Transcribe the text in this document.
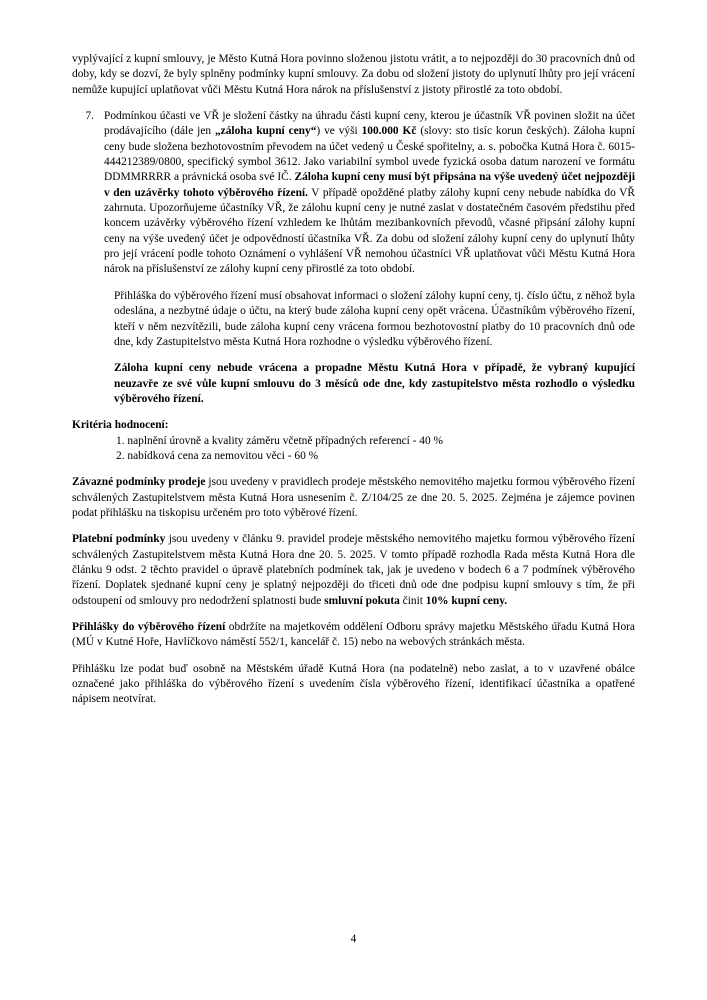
vyplývající z kupní smlouvy, je Město Kutná Hora povinno složenou jistotu vrátit, a to nejpozději do 30 pracovních dnů od doby, kdy se dozví, že byly splněny podmínky kupní smlouvy. Za dobu od složení jistoty do uplynutí lhůty pro její vrácení nemůže kupující uplatňovat vůči Městu Kutná Hora nárok na příslušenství z jistoty přirostlé za toto období.

7. Podmínkou účasti ve VŘ je složení částky na úhradu části kupní ceny, kterou je účastník VŘ povinen složit na účet prodávajícího (dále jen „záloha kupní ceny“) ve výši 100.000 Kč (slovy: sto tisíc korun českých). Záloha kupní ceny bude složena bezhotovostním převodem na účet vedený u České spořitelny, a. s. pobočka Kutná Hora č. 6015-444212389/0800, specifický symbol 3612. Jako variabilní symbol uvede fyzická osoba datum narození ve formátu DDMMRRRR a právnická osoba své IČ. Záloha kupní ceny musí být připsána na výše uvedený účet nejpozději v den uzávěrky tohoto výběrového řízení. V případě opožděné platby zálohy kupní ceny nebude nabídka do VŘ zahrnuta. Upozorňujeme účastníky VŘ, že zálohu kupní ceny je nutné zaslat v dostatečném časovém předstihu před koncem uzávěrky výběrového řízení vzhledem ke lhůtám mezibankovních převodů, včasné připsání zálohy kupní ceny na výše uvedený účet je odpovědností účastníka VŘ. Za dobu od složení zálohy kupní ceny do uplynutí lhůty pro její vrácení podle tohoto Oznámení o vyhlášení VŘ nemohou účastníci VŘ uplatňovat vůči Městu Kutná Hora nárok na příslušenství ze zálohy kupní ceny přirostlé za toto období.

Přihláška do výběrového řízení musí obsahovat informaci o složení zálohy kupní ceny, tj. číslo účtu, z něhož byla odeslána, a nezbytné údaje o účtu, na který bude záloha kupní ceny opět vrácena. Účastníkům výběrového řízení, kteří v něm nezvítězili, bude záloha kupní ceny vrácena formou bezhotovostní platby do 10 pracovních dnů ode dne, kdy Zastupitelstvo města Kutná Hora rozhodne o výsledku výběrového řízení.

Záloha kupní ceny nebude vrácena a propadne Městu Kutná Hora v případě, že vybraný kupující neuzavře ze své vůle kupní smlouvu do 3 měsíců ode dne, kdy zastupitelstvo města rozhodlo o výsledku výběrového řízení.

Kritéria hodnocení:

1. naplnění úrovně a kvality záměru včetně případných referencí - 40 %
2. nabídková cena za nemovitou věci - 60 %

Závazné podmínky prodeje jsou uvedeny v pravidlech prodeje městského nemovitého majetku formou výběrového řízení schválených Zastupitelstvem města Kutná Hora usnesením č. Z/104/25 ze dne 20. 5. 2025. Zejména je zájemce povinen podat přihlášku na tiskopisu určeném pro toto výběrové řízení.

Platební podmínky jsou uvedeny v článku 9. pravidel prodeje městského nemovitého majetku formou výběrového řízení schválených Zastupitelstvem města Kutná Hora dne 20. 5. 2025. V tomto případě rozhodla Rada města Kutná Hora dle článku 9 odst. 2 těchto pravidel o úpravě platebních podmínek tak, jak je uvedeno v bodech 6 a 7 podmínek výběrového řízení. Doplatek sjednané kupní ceny je splatný nejpozději do třiceti dnů ode dne podpisu kupní smlouvy s tím, že při odstoupení od smlouvy pro nedodržení splatnosti bude smluvní pokuta činit 10% kupní ceny.

Přihlášky do výběrového řízení obdržíte na majetkovém oddělení Odboru správy majetku Městského úřadu Kutná Hora (MÚ v Kutné Hoře, Havlíčkovo náměstí 552/1, kancelář č. 15) nebo na webových stránkách města.

Přihlášku lze podat buď osobně na Městském úřadě Kutná Hora (na podatelně) nebo zaslat, a to v uzavřené obálce označené jako přihláška do výběrového řízení s uvedením čísla výběrového řízení, identifikací účastníka a opatřené nápisem neotvírat.

4
